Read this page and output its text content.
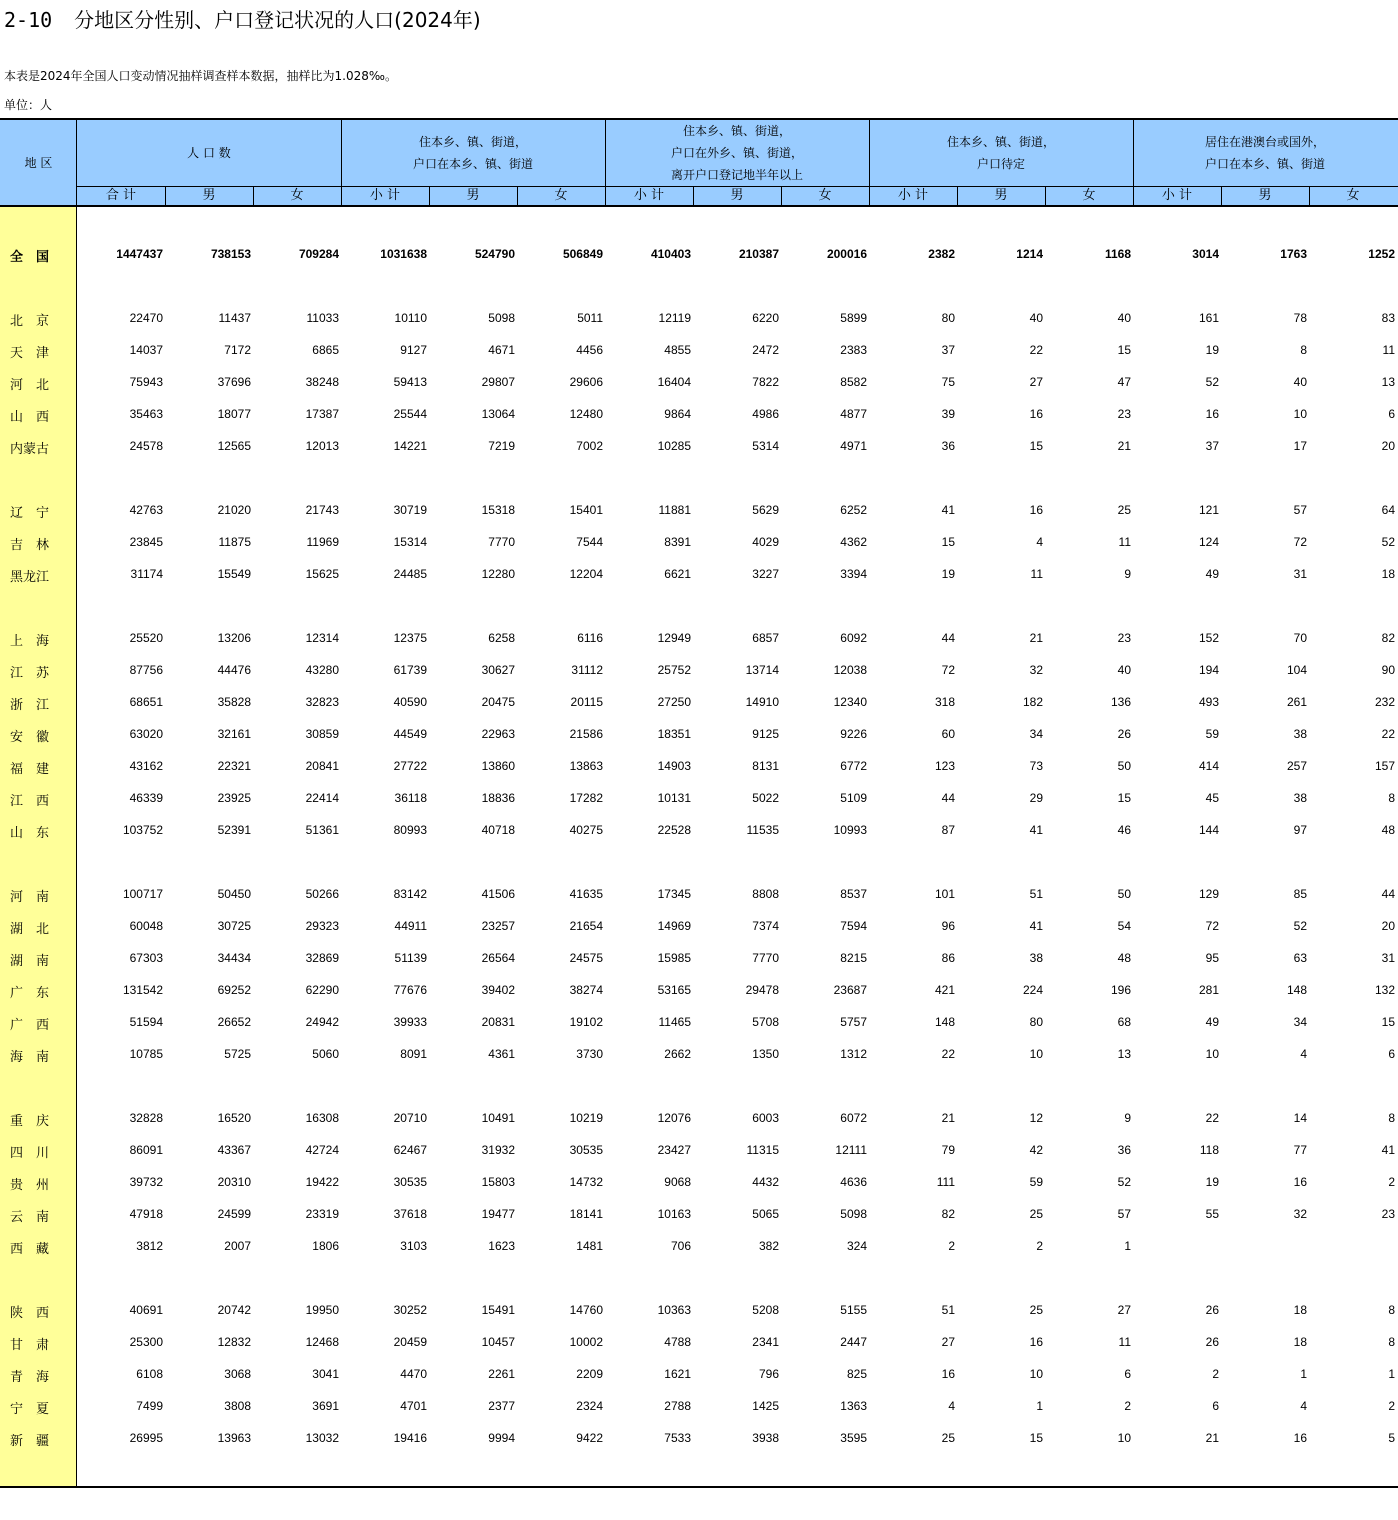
2-10 分地区分性别、户口登记状况的人口(2024年)
本表是2024年全国人口变动情况抽样调查样本数据，抽样比为1.028‰。
单位：人
地 区
人 口 数
住本乡、镇、街道，
户口在本乡、镇、街道
住本乡、镇、街道，
户口在外乡、镇、街道，
离开户口登记地半年以上
住本乡、镇、街道，
户口待定
居住在港澳台或国外，
户口在本乡、镇、街道
合 计	男	女	小 计	男	女	小 计	男	女	小 计	男	女	小 计	男	女
全　国	1447437	738153	709284	1031638	524790	506849	410403	210387	200016	2382	1214	1168	3014	1763	1252
北　京	22470	11437	11033	10110	5098	5011	12119	6220	5899	80	40	40	161	78	83
天　津	14037	7172	6865	9127	4671	4456	4855	2472	2383	37	22	15	19	8	11
河　北	75943	37696	38248	59413	29807	29606	16404	7822	8582	75	27	47	52	40	13
山　西	35463	18077	17387	25544	13064	12480	9864	4986	4877	39	16	23	16	10	6
内蒙古	24578	12565	12013	14221	7219	7002	10285	5314	4971	36	15	21	37	17	20
辽　宁	42763	21020	21743	30719	15318	15401	11881	5629	6252	41	16	25	121	57	64
吉　林	23845	11875	11969	15314	7770	7544	8391	4029	4362	15	4	11	124	72	52
黑龙江	31174	15549	15625	24485	12280	12204	6621	3227	3394	19	11	9	49	31	18
上　海	25520	13206	12314	12375	6258	6116	12949	6857	6092	44	21	23	152	70	82
江　苏	87756	44476	43280	61739	30627	31112	25752	13714	12038	72	32	40	194	104	90
浙　江	68651	35828	32823	40590	20475	20115	27250	14910	12340	318	182	136	493	261	232
安　徽	63020	32161	30859	44549	22963	21586	18351	9125	9226	60	34	26	59	38	22
福　建	43162	22321	20841	27722	13860	13863	14903	8131	6772	123	73	50	414	257	157
江　西	46339	23925	22414	36118	18836	17282	10131	5022	5109	44	29	15	45	38	8
山　东	103752	52391	51361	80993	40718	40275	22528	11535	10993	87	41	46	144	97	48
河　南	100717	50450	50266	83142	41506	41635	17345	8808	8537	101	51	50	129	85	44
湖　北	60048	30725	29323	44911	23257	21654	14969	7374	7594	96	41	54	72	52	20
湖　南	67303	34434	32869	51139	26564	24575	15985	7770	8215	86	38	48	95	63	31
广　东	131542	69252	62290	77676	39402	38274	53165	29478	23687	421	224	196	281	148	132
广　西	51594	26652	24942	39933	20831	19102	11465	5708	5757	148	80	68	49	34	15
海　南	10785	5725	5060	8091	4361	3730	2662	1350	1312	22	10	13	10	4	6
重　庆	32828	16520	16308	20710	10491	10219	12076	6003	6072	21	12	9	22	14	8
四　川	86091	43367	42724	62467	31932	30535	23427	11315	12111	79	42	36	118	77	41
贵　州	39732	20310	19422	30535	15803	14732	9068	4432	4636	111	59	52	19	16	2
云　南	47918	24599	23319	37618	19477	18141	10163	5065	5098	82	25	57	55	32	23
西　藏	3812	2007	1806	3103	1623	1481	706	382	324	2	2	1
陕　西	40691	20742	19950	30252	15491	14760	10363	5208	5155	51	25	27	26	18	8
甘　肃	25300	12832	12468	20459	10457	10002	4788	2341	2447	27	16	11	26	18	8
青　海	6108	3068	3041	4470	2261	2209	1621	796	825	16	10	6	2	1	1
宁　夏	7499	3808	3691	4701	2377	2324	2788	1425	1363	4	1	2	6	4	2
新　疆	26995	13963	13032	19416	9994	9422	7533	3938	3595	25	15	10	21	16	5
